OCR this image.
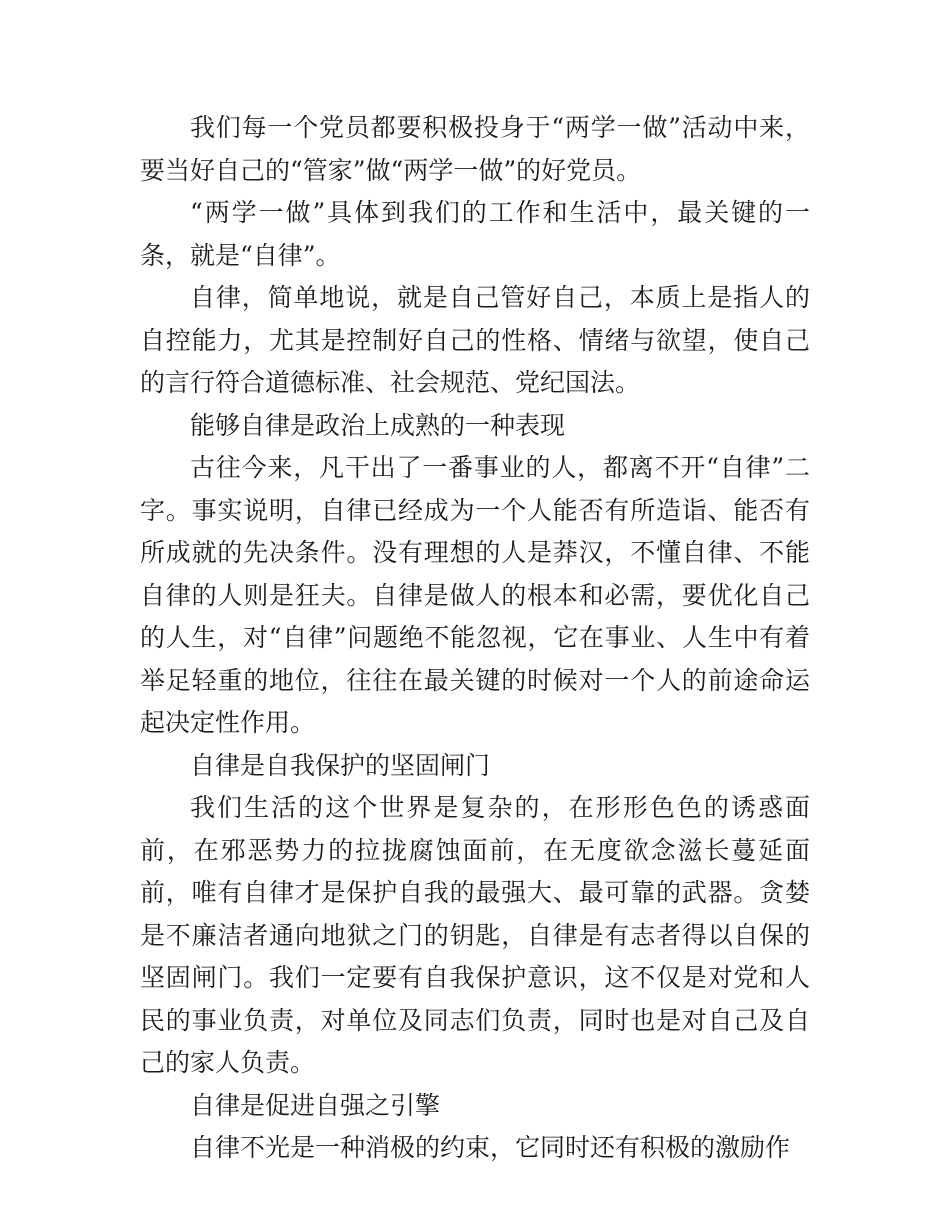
我们每一个党员都要积极投身于“两学一做”活动中来，要当好自己的“管家”做“两学一做”的好党员。

“两学一做”具体到我们的工作和生活中，最关键的一条，就是“自律”。

自律，简单地说，就是自己管好自己，本质上是指人的自控能力，尤其是控制好自己的性格、情绪与欲望，使自己的言行符合道德标准、社会规范、党纪国法。

能够自律是政治上成熟的一种表现

古往今来，凡干出了一番事业的人，都离不开“自律”二字。事实说明，自律已经成为一个人能否有所造诣、能否有所成就的先决条件。没有理想的人是莽汉，不懂自律、不能自律的人则是狂夫。自律是做人的根本和必需，要优化自己的人生，对“自律”问题绝不能忽视，它在事业、人生中有着举足轻重的地位，往往在最关键的时候对一个人的前途命运起决定性作用。

自律是自我保护的坚固闸门

我们生活的这个世界是复杂的，在形形色色的诱惑面前，在邪恶势力的拉拢腐蚀面前，在无度欲念滋长蔓延面前，唯有自律才是保护自我的最强大、最可靠的武器。贪婪是不廉洁者通向地狱之门的钥匙，自律是有志者得以自保的坚固闸门。我们一定要有自我保护意识，这不仅是对党和人民的事业负责，对单位及同志们负责，同时也是对自己及自己的家人负责。

自律是促进自强之引擎

自律不光是一种消极的约束，它同时还有积极的激励作
